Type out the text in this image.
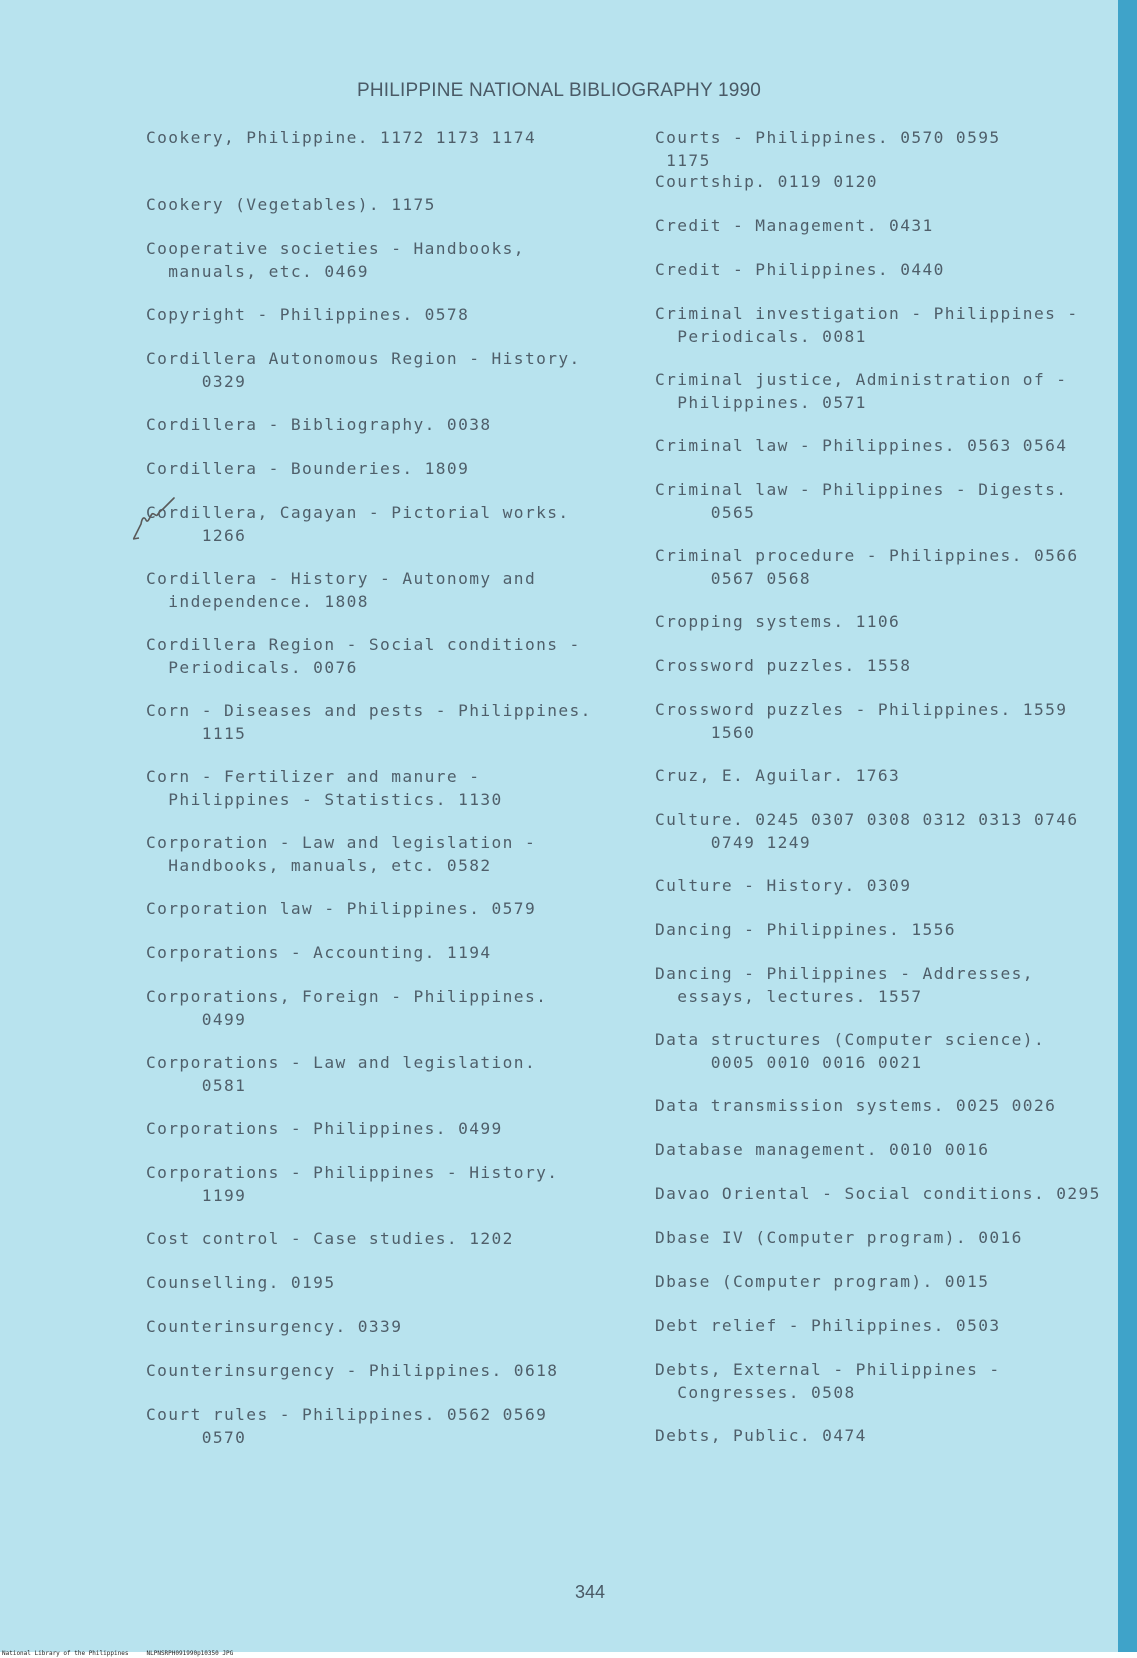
PHILIPPINE NATIONAL BIBLIOGRAPHY 1990
Cookery, Philippine. 1172 1173 1174
Cookery (Vegetables). 1175
Cooperative societies - Handbooks,
manuals, etc. 0469
Copyright - Philippines. 0578
Cordillera Autonomous Region - History.
0329
Cordillera - Bibliography. 0038
Cordillera - Bounderies. 1809
Cordillera, Cagayan - Pictorial works.
1266
Cordillera - History - Autonomy and
independence. 1808
Cordillera Region - Social conditions -
Periodicals. 0076
Corn - Diseases and pests - Philippines.
1115
Corn - Fertilizer and manure -
Philippines - Statistics. 1130
Corporation - Law and legislation -
Handbooks, manuals, etc. 0582
Corporation law - Philippines. 0579
Corporations - Accounting. 1194
Corporations, Foreign - Philippines.
0499
Corporations - Law and legislation.
0581
Corporations - Philippines. 0499
Corporations - Philippines - History.
1199
Cost control - Case studies. 1202
Counselling. 0195
Counterinsurgency. 0339
Counterinsurgency - Philippines. 0618
Court rules - Philippines. 0562 0569
0570
Courts - Philippines. 0570 0595
1175
Courtship. 0119 0120
Credit - Management. 0431
Credit - Philippines. 0440
Criminal investigation - Philippines -
Periodicals. 0081
Criminal justice, Administration of -
Philippines. 0571
Criminal law - Philippines. 0563 0564
Criminal law - Philippines - Digests.
0565
Criminal procedure - Philippines. 0566
0567 0568
Cropping systems. 1106
Crossword puzzles. 1558
Crossword puzzles - Philippines. 1559
1560
Cruz, E. Aguilar. 1763
Culture. 0245 0307 0308 0312 0313 0746
0749 1249
Culture - History. 0309
Dancing - Philippines. 1556
Dancing - Philippines - Addresses,
essays, lectures. 1557
Data structures (Computer science).
0005 0010 0016 0021
Data transmission systems. 0025 0026
Database management. 0010 0016
Davao Oriental - Social conditions. 0295
Dbase IV (Computer program). 0016
Dbase (Computer program). 0015
Debt relief - Philippines. 0503
Debts, External - Philippines -
Congresses. 0508
Debts, Public. 0474
344
National Library of the Philippines	NLPNSRPH091990p10350 JPG
